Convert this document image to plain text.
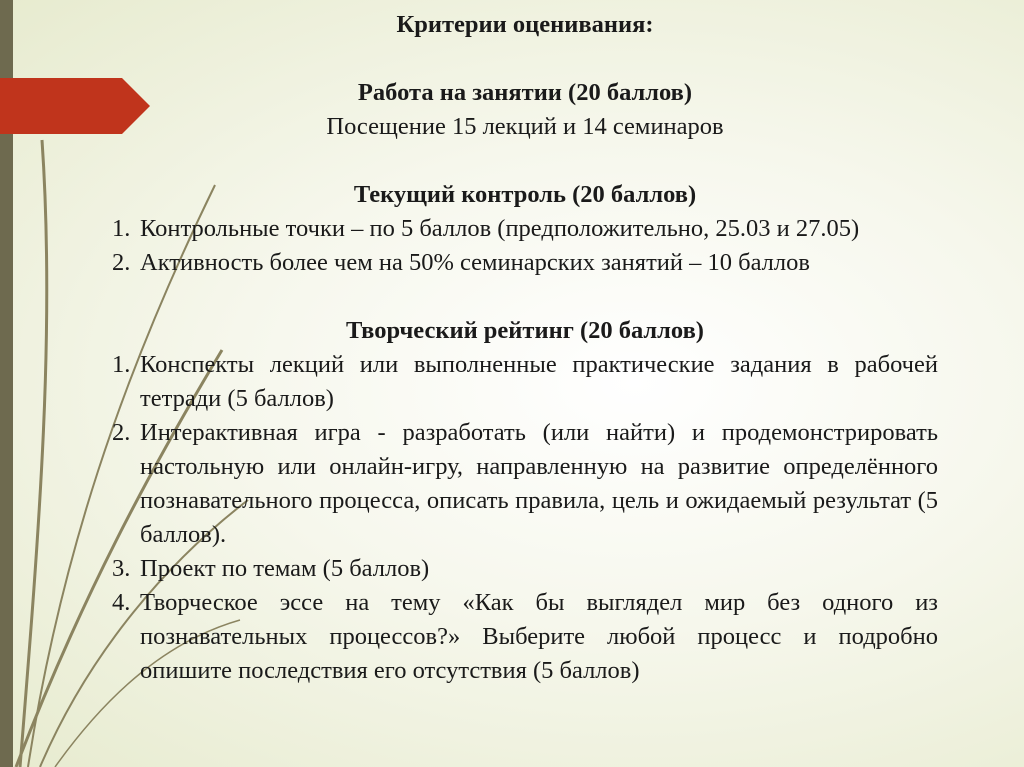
Критерии оценивания:
Работа на занятии (20 баллов)
Посещение 15 лекций и 14 семинаров
Текущий контроль (20 баллов)
1. Контрольные точки – по 5 баллов (предположительно, 25.03 и 27.05)
2. Активность более чем на 50% семинарских занятий – 10 баллов
Творческий рейтинг (20 баллов)
1. Конспекты лекций или выполненные практические задания в рабочей тетради (5 баллов)
2. Интерактивная игра - разработать (или найти) и продемонстрировать настольную или онлайн-игру, направленную на развитие определённого познавательного процесса, описать правила, цель и ожидаемый результат (5 баллов).
3. Проект по темам (5 баллов)
4. Творческое эссе на тему «Как бы выглядел мир без одного из познавательных процессов?» Выберите любой процесс и подробно опишите последствия его отсутствия (5 баллов)
